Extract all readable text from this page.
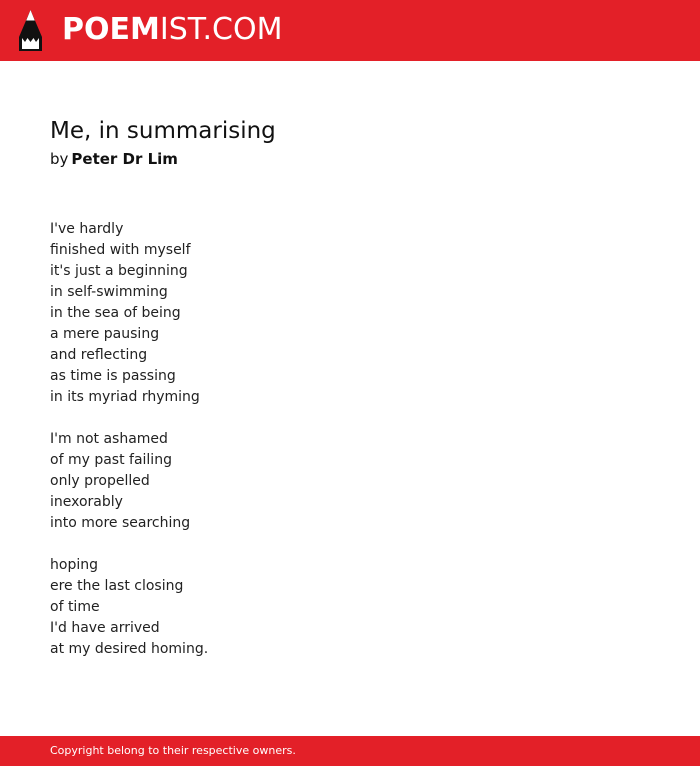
POEMIST.COM
Me, in summarising
by Peter Dr Lim
I've hardly
finished with myself
it's just a beginning
in self-swimming
in the sea of being
a mere pausing
and reflecting
as time is passing
in its myriad rhyming
I'm not ashamed
of my past failing
only propelled
inexorably
into more searching
hoping
ere the last closing
of time
I'd have arrived
at my desired homing.
Copyright belong to their respective owners.
